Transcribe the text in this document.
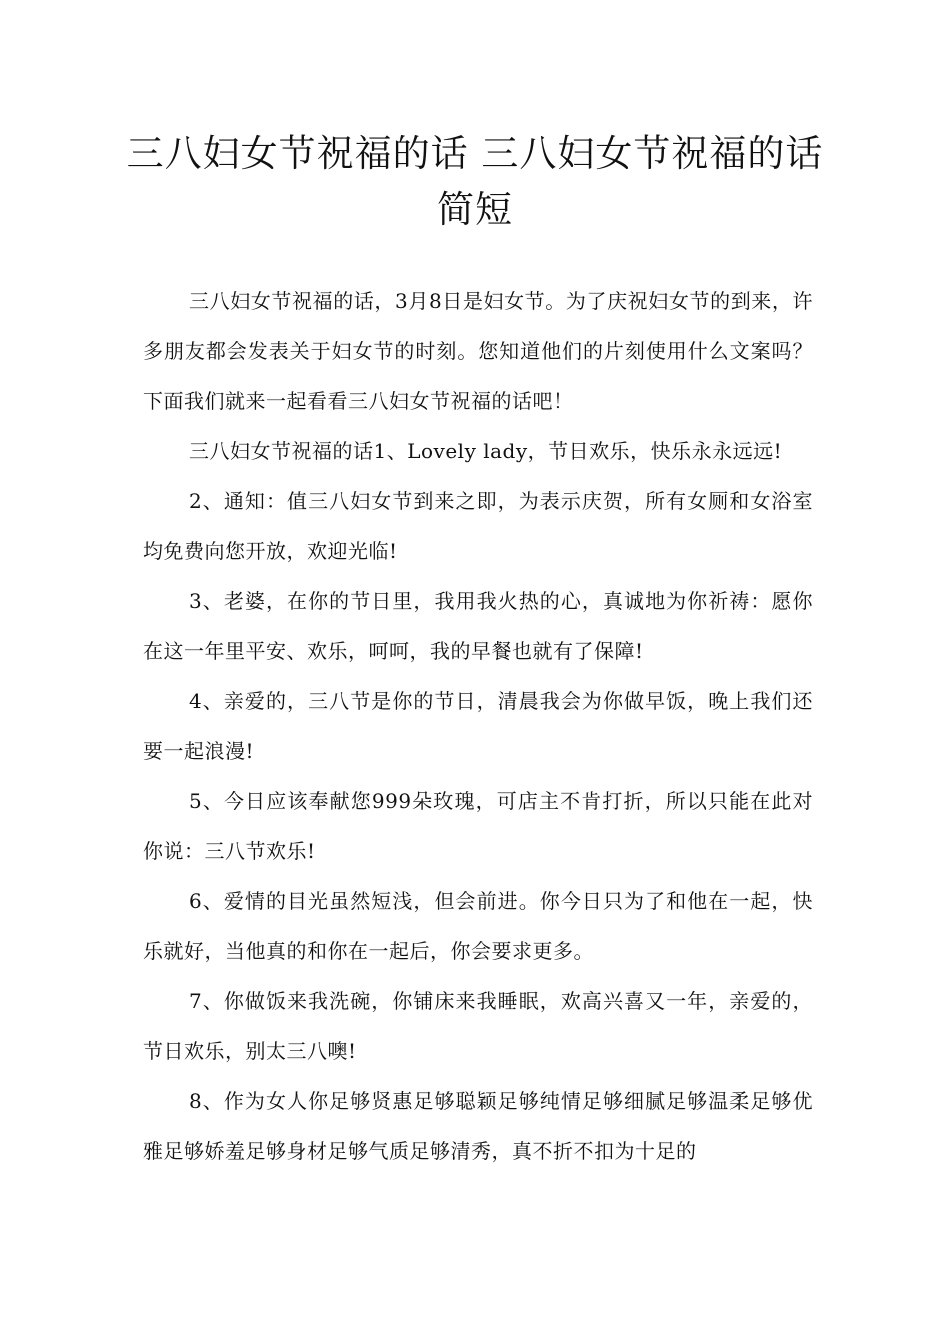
三八妇女节祝福的话 三八妇女节祝福的话简短

三八妇女节祝福的话，3月8日是妇女节。为了庆祝妇女节的到来，许多朋友都会发表关于妇女节的时刻。您知道他们的片刻使用什么文案吗？下面我们就来一起看看三八妇女节祝福的话吧！

三八妇女节祝福的话1、Lovely lady，节日欢乐，快乐永永远远!

2、通知：值三八妇女节到来之即，为表示庆贺，所有女厕和女浴室均免费向您开放，欢迎光临!

3、老婆，在你的节日里，我用我火热的心，真诚地为你祈祷：愿你在这一年里平安、欢乐，呵呵，我的早餐也就有了保障!

4、亲爱的，三八节是你的节日，清晨我会为你做早饭，晚上我们还要一起浪漫!

5、今日应该奉献您999朵玫瑰，可店主不肯打折，所以只能在此对你说：三八节欢乐!

6、爱情的目光虽然短浅，但会前进。你今日只为了和他在一起，快乐就好，当他真的和你在一起后，你会要求更多。

7、你做饭来我洗碗，你铺床来我睡眠，欢高兴喜又一年，亲爱的，节日欢乐，别太三八噢!

8、作为女人你足够贤惠足够聪颖足够纯情足够细腻足够温柔足够优雅足够娇羞足够身材足够气质足够清秀，真不折不扣为十足的
